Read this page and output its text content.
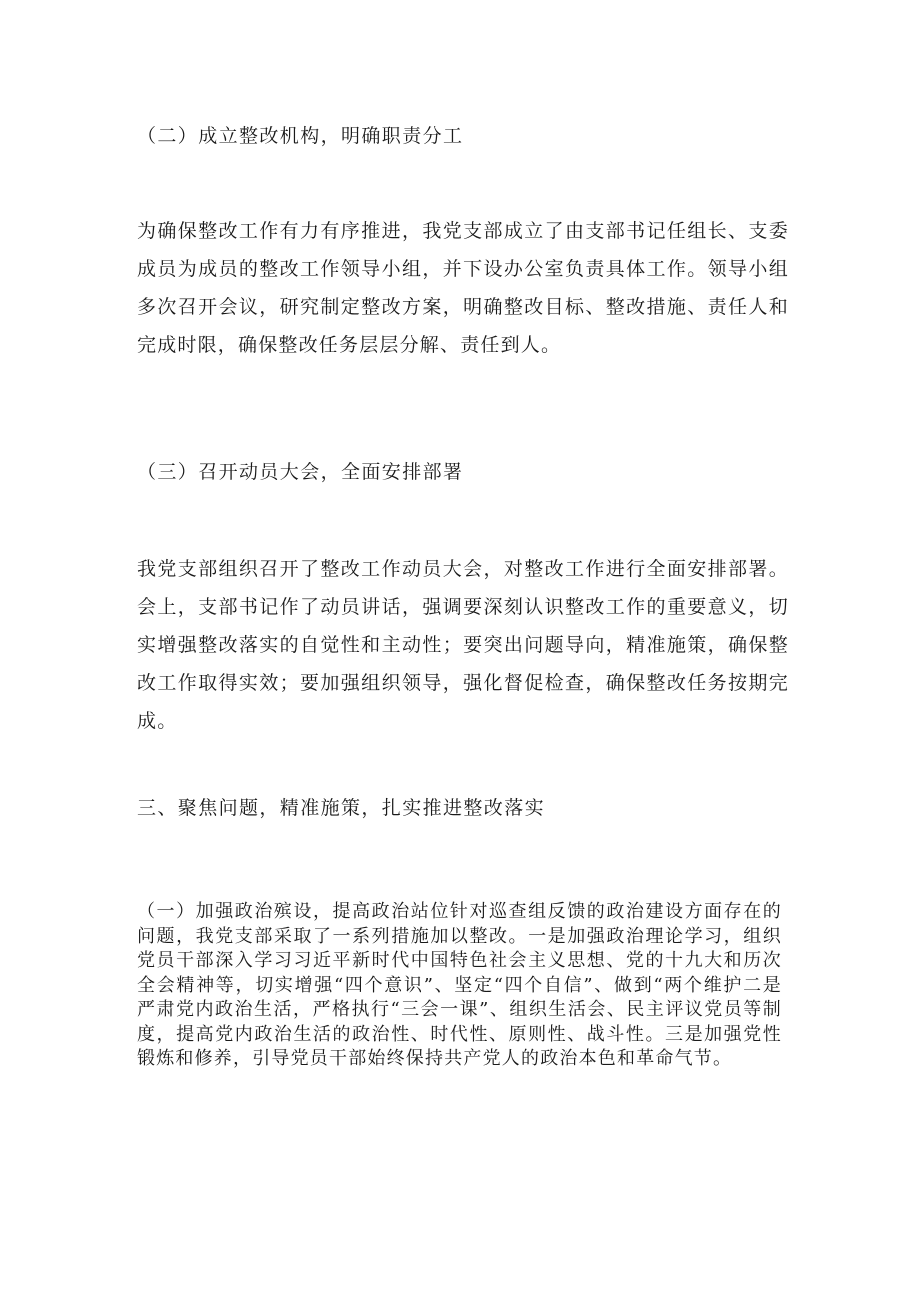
（二）成立整改机构，明确职责分工

为确保整改工作有力有序推进，我党支部成立了由支部书记任组长、支委成员为成员的整改工作领导小组，并下设办公室负责具体工作。领导小组多次召开会议，研究制定整改方案，明确整改目标、整改措施、责任人和完成时限，确保整改任务层层分解、责任到人。

（三）召开动员大会，全面安排部署

我党支部组织召开了整改工作动员大会，对整改工作进行全面安排部署。会上，支部书记作了动员讲话，强调要深刻认识整改工作的重要意义，切实增强整改落实的自觉性和主动性；要突出问题导向，精准施策，确保整改工作取得实效；要加强组织领导，强化督促检查，确保整改任务按期完成。

三、聚焦问题，精准施策，扎实推进整改落实

（一）加强政治殡设，提高政治站位针对巡查组反馈的政治建设方面存在的问题，我党支部采取了一系列措施加以整改。一是加强政治理论学习，组织党员干部深入学习习近平新时代中国特色社会主义思想、党的十九大和历次全会精神等，切实增强“四个意识”、坚定“四个自信”、做到“两个维护二是严肃党内政治生活，严格执行“三会一课”、组织生活会、民主评议党员等制度，提高党内政治生活的政治性、时代性、原则性、战斗性。三是加强党性锻炼和修养，引导党员干部始终保持共产党人的政治本色和革命气节。
